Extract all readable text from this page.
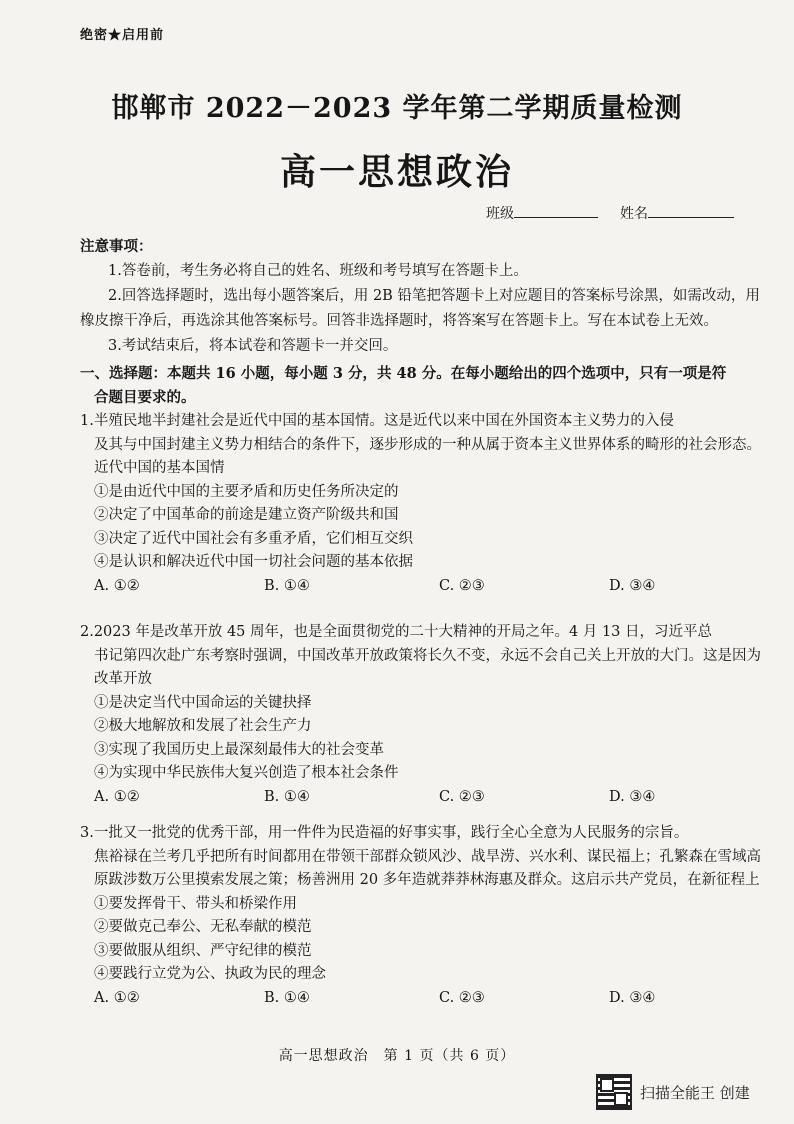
绝密★启用前
邯郸市 2022－2023 学年第二学期质量检测
高一思想政治
班级	姓名
注意事项：
1.答卷前，考生务必将自己的姓名、班级和考号填写在答题卡上。
2.回答选择题时，选出每小题答案后，用 2B 铅笔把答题卡上对应题目的答案标号涂黑，如需改动，用橡皮擦干净后，再选涂其他答案标号。回答非选择题时，将答案写在答题卡上。写在本试卷上无效。
3.考试结束后，将本试卷和答题卡一并交回。
一、选择题：本题共 16 小题，每小题 3 分，共 48 分。在每小题给出的四个选项中，只有一项是符
合题目要求的。
1.半殖民地半封建社会是近代中国的基本国情。这是近代以来中国在外国资本主义势力的入侵
及其与中国封建主义势力相结合的条件下，逐步形成的一种从属于资本主义世界体系的畸形的社会形态。近代中国的基本国情
①是由近代中国的主要矛盾和历史任务所决定的
②决定了中国革命的前途是建立资产阶级共和国
③决定了近代中国社会有多重矛盾，它们相互交织
④是认识和解决近代中国一切社会问题的基本依据
A. ①②	B. ①④	C. ②③	D. ③④
2.2023 年是改革开放 45 周年，也是全面贯彻党的二十大精神的开局之年。4 月 13 日，习近平总
书记第四次赴广东考察时强调，中国改革开放政策将长久不变，永远不会自己关上开放的大门。这是因为改革开放
①是决定当代中国命运的关键抉择
②极大地解放和发展了社会生产力
③实现了我国历史上最深刻最伟大的社会变革
④为实现中华民族伟大复兴创造了根本社会条件
A. ①②	B. ①④	C. ②③	D. ③④
3.一批又一批党的优秀干部，用一件件为民造福的好事实事，践行全心全意为人民服务的宗旨。
焦裕禄在兰考几乎把所有时间都用在带领干部群众锁风沙、战旱涝、兴水利、谋民福上；孔繁森在雪域高原跋涉数万公里摸索发展之策；杨善洲用 20 多年造就莽莽林海惠及群众。这启示共产党员，在新征程上
①要发挥骨干、带头和桥梁作用
②要做克己奉公、无私奉献的模范
③要做服从组织、严守纪律的模范
④要践行立党为公、执政为民的理念
A. ①②	B. ①④	C. ②③	D. ③④
高一思想政治　第 1 页（共 6 页）
扫描全能王 创建
